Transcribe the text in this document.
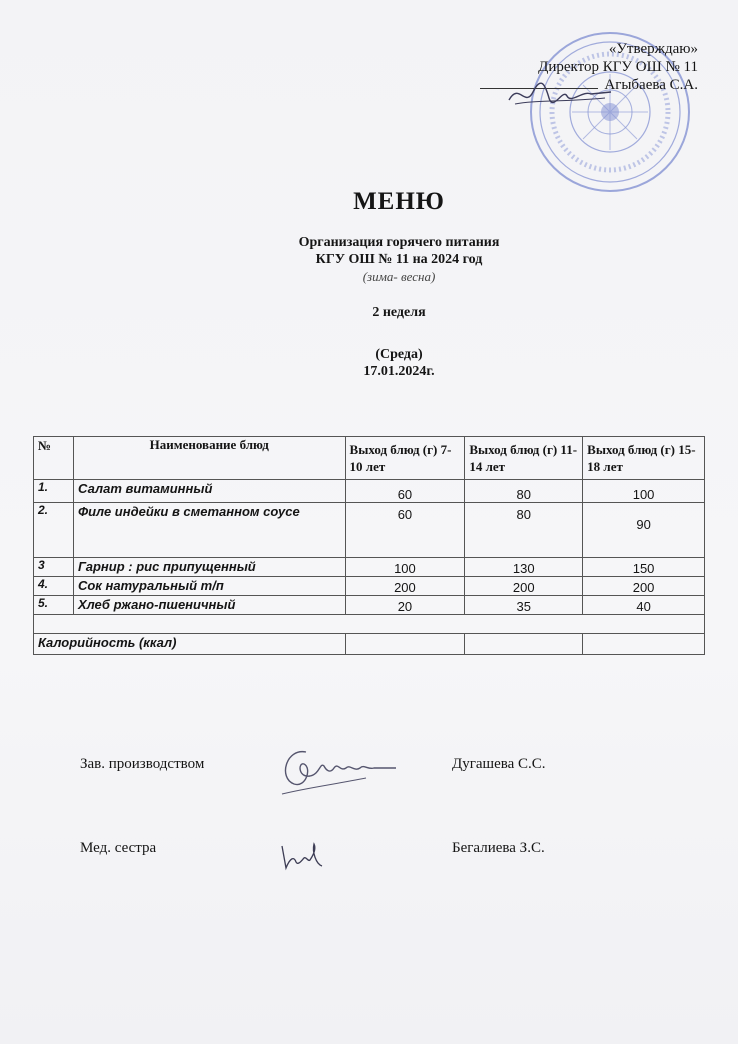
«Утверждаю»
Директор КГУ ОШ № 11
Агыбаева С.А.
МЕНЮ
Организация горячего питания
КГУ ОШ № 11 на 2024 год
(зима- весна)
2 неделя
(Среда)
17.01.2024г.
№	Наименование блюд	Выход блюд (г) 7-10 лет	Выход блюд (г) 11-14 лет	Выход блюд (г) 15-18 лет
1.	Салат витаминный	60	80	100
2.	Филе индейки в сметанном соусе	60	80	90
3	Гарнир : рис припущенный	100	130	150
4.	Сок натуральный т/п	200	200	200
5.	Хлеб ржано-пшеничный	20	35	40

Калорийность (ккал)				
Зав. производством	Дугашева С.С.
Мед. сестра	Бегалиева З.С.
